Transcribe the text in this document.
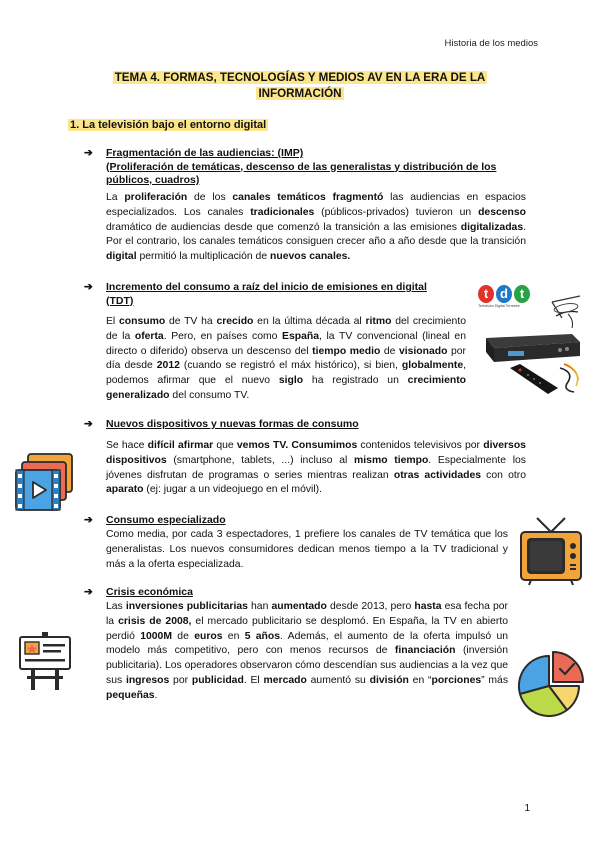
Historia de los medios
TEMA 4. FORMAS, TECNOLOGÍAS Y MEDIOS AV EN LA ERA DE LA
INFORMACIÓN
1. La televisión bajo el entorno digital
➔ Fragmentación de las audiencias: (IMP)
(Proliferación de temáticas, descenso de las generalistas y distribución de los
públicos, cuadros)
La proliferación de los canales temáticos fragmentó las audiencias en espacios especializados. Los canales tradicionales (públicos-privados) tuvieron un descenso dramático de audiencias desde que comenzó la transición a las emisiones digitalizadas. Por el contrario, los canales temáticos consiguen crecer año a año desde que la transición digital permitió la multiplicación de nuevos canales.
➔ Incremento del consumo a raíz del inicio de emisiones en digital
(TDT)
El consumo de TV ha crecido en la última década al ritmo del crecimiento de la oferta. Pero, en países como España, la TV convencional (lineal en directo o diferido) observa un descenso del tiempo medio de visionado por día desde 2012 (cuando se registró el máx histórico), si bien, globalmente, podemos afirmar que el nuevo siglo ha registrado un crecimiento generalizado del consumo TV.
t d t
Televisión Digital Terrestre
➔ Nuevos dispositivos y nuevas formas de consumo
Se hace difícil afirmar que vemos TV. Consumimos contenidos televisivos por diversos dispositivos (smartphone, tablets, ...) incluso al mismo tiempo. Especialmente los jóvenes disfrutan de programas o series mientras realizan otras actividades con otro aparato (ej: jugar a un videojuego en el móvil).
➔ Consumo especializado
Como media, por cada 3 espectadores, 1 prefiere los canales de TV temática que los generalistas. Los nuevos consumidores dedican menos tiempo a la TV tradicional y más a la oferta especializada.
➔ Crisis económica
Las inversiones publicitarias han aumentado desde 2013, pero hasta esa fecha por la crisis de 2008, el mercado publicitario se desplomó. En España, la TV en abierto perdió 1000M de euros en 5 años. Además, el aumento de la oferta impulsó un modelo más competitivo, pero con menos recursos de financiación (inversión publicitaria). Los operadores observaron cómo descendían sus audiencias a la vez que sus ingresos por publicidad. El mercado aumentó su división en “porciones” más pequeñas.
1
